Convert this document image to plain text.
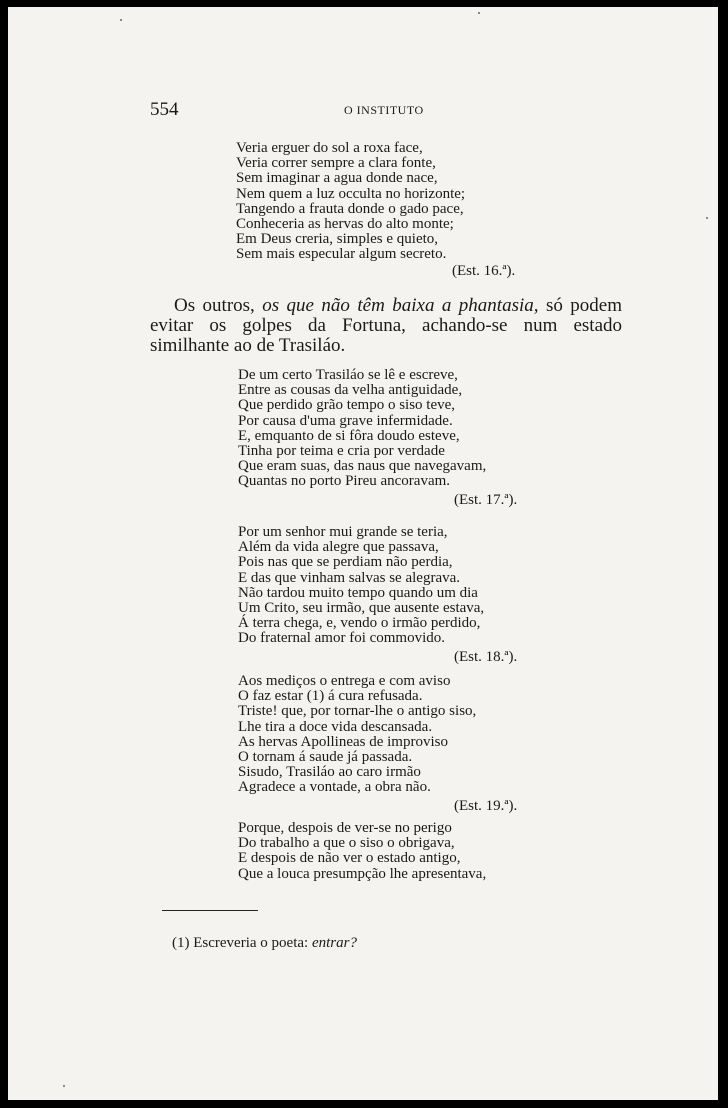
554	O INSTITUTO
Veria erguer do sol a roxa face,
Veria correr sempre a clara fonte,
Sem imaginar a agua donde nace,
Nem quem a luz occulta no horizonte;
Tangendo a frauta donde o gado pace,
Conheceria as hervas do alto monte;
Em Deus creria, simples e quieto,
Sem mais especular algum secreto.
(Est. 16.ª).

Os outros, os que não têm baixa a phantasia, só podem evitar os golpes da Fortuna, achando-se num estado similhante ao de Trasiláo.

De um certo Trasiláo se lê e escreve,
Entre as cousas da velha antiguidade,
Que perdido grão tempo o siso teve,
Por causa d'uma grave infermidade.
E, emquanto de si fôra doudo esteve,
Tinha por teima e cria por verdade
Que eram suas, das naus que navegavam,
Quantas no porto Pireu ancoravam.
(Est. 17.ª).
Por um senhor mui grande se teria,
Além da vida alegre que passava,
Pois nas que se perdiam não perdia,
E das que vinham salvas se alegrava.
Não tardou muito tempo quando um dia
Um Crito, seu irmão, que ausente estava,
Á terra chega, e, vendo o irmão perdido,
Do fraternal amor foi commovido.
(Est. 18.ª).
Aos mediços o entrega e com aviso
O faz estar (1) á cura refusada.
Triste! que, por tornar-lhe o antigo siso,
Lhe tira a doce vida descansada.
As hervas Apollineas de improviso
O tornam á saude já passada.
Sisudo, Trasiláo ao caro irmão
Agradece a vontade, a obra não.
(Est. 19.ª).
Porque, despois de ver-se no perigo
Do trabalho a que o siso o obrigava,
E despois de não ver o estado antigo,
Que a louca presumpção lhe apresentava,
(1) Escreveria o poeta: entrar?
